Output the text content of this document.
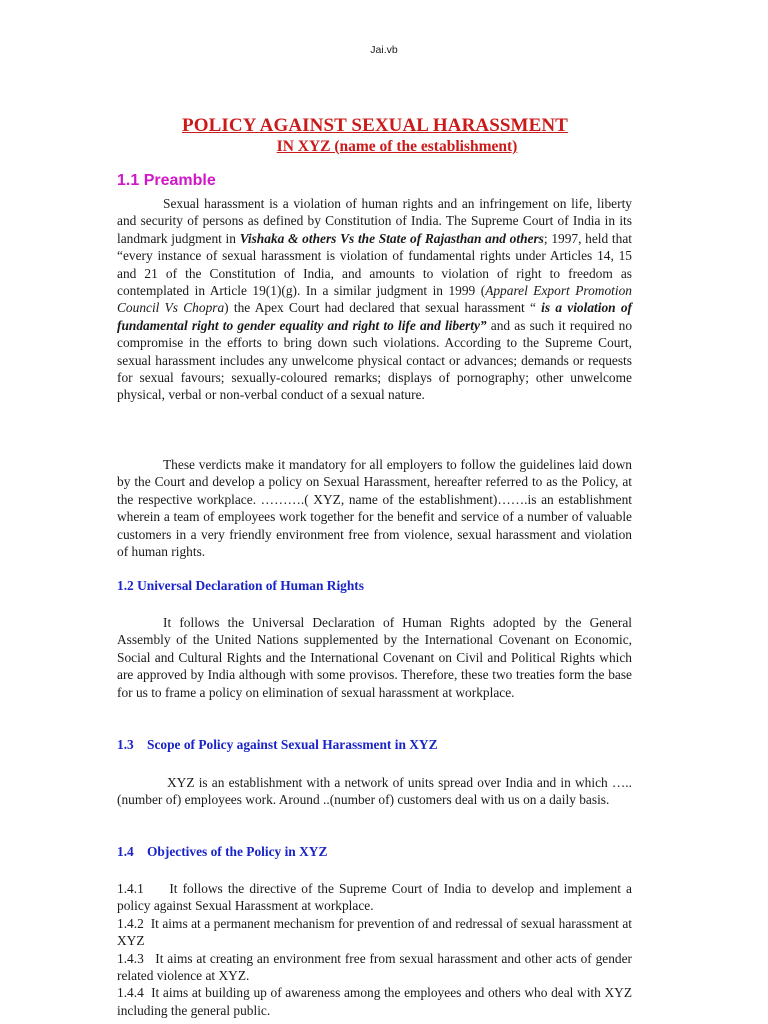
Jai.vb
POLICY AGAINST SEXUAL HARASSMENT
IN XYZ (name of the establishment)
1.1 Preamble
Sexual harassment is a violation of human rights and an infringement on life, liberty and security of persons as defined by Constitution of India. The Supreme Court of India in its landmark judgment in Vishaka & others Vs the State of Rajasthan and others; 1997, held that “every instance of sexual harassment is violation of fundamental rights under Articles 14, 15 and 21 of the Constitution of India, and amounts to violation of right to freedom as contemplated in Article 19(1)(g). In a similar judgment in 1999 (Apparel Export Promotion Council Vs Chopra) the Apex Court had declared that sexual harassment “ is a violation of fundamental right to gender equality and right to life and liberty” and as such it required no compromise in the efforts to bring down such violations. According to the Supreme Court, sexual harassment includes any unwelcome physical contact or advances; demands or requests for sexual favours; sexually-coloured remarks; displays of pornography; other unwelcome physical, verbal or non-verbal conduct of a sexual nature.
These verdicts make it mandatory for all employers to follow the guidelines laid down by the Court and develop a policy on Sexual Harassment, hereafter referred to as the Policy, at the respective workplace. ……….( XYZ, name of the establishment)…….is an establishment wherein a team of employees work together for the benefit and service of a number of valuable customers in a very friendly environment free from violence, sexual harassment and violation of human rights.
1.2 Universal Declaration of Human Rights
It follows the Universal Declaration of Human Rights adopted by the General Assembly of the United Nations supplemented by the International Covenant on Economic, Social and Cultural Rights and the International Covenant on Civil and Political Rights which are approved by India although with some provisos. Therefore, these two treaties form the base for us to frame a policy on elimination of sexual harassment at workplace.
1.3 Scope of Policy against Sexual Harassment in XYZ
XYZ is an establishment with a network of units spread over India and in which …..(number of) employees work. Around ..(number of) customers deal with us on a daily basis.
1.4 Objectives of the Policy in XYZ

1.4.1 It follows the directive of the Supreme Court of India to develop and implement a policy against Sexual Harassment at workplace.

1.4.2 It aims at a permanent mechanism for prevention of and redressal of sexual harassment at XYZ

1.4.3 It aims at creating an environment free from sexual harassment and other acts of gender related violence at XYZ.

1.4.4 It aims at building up of awareness among the employees and others who deal with XYZ including the general public.
